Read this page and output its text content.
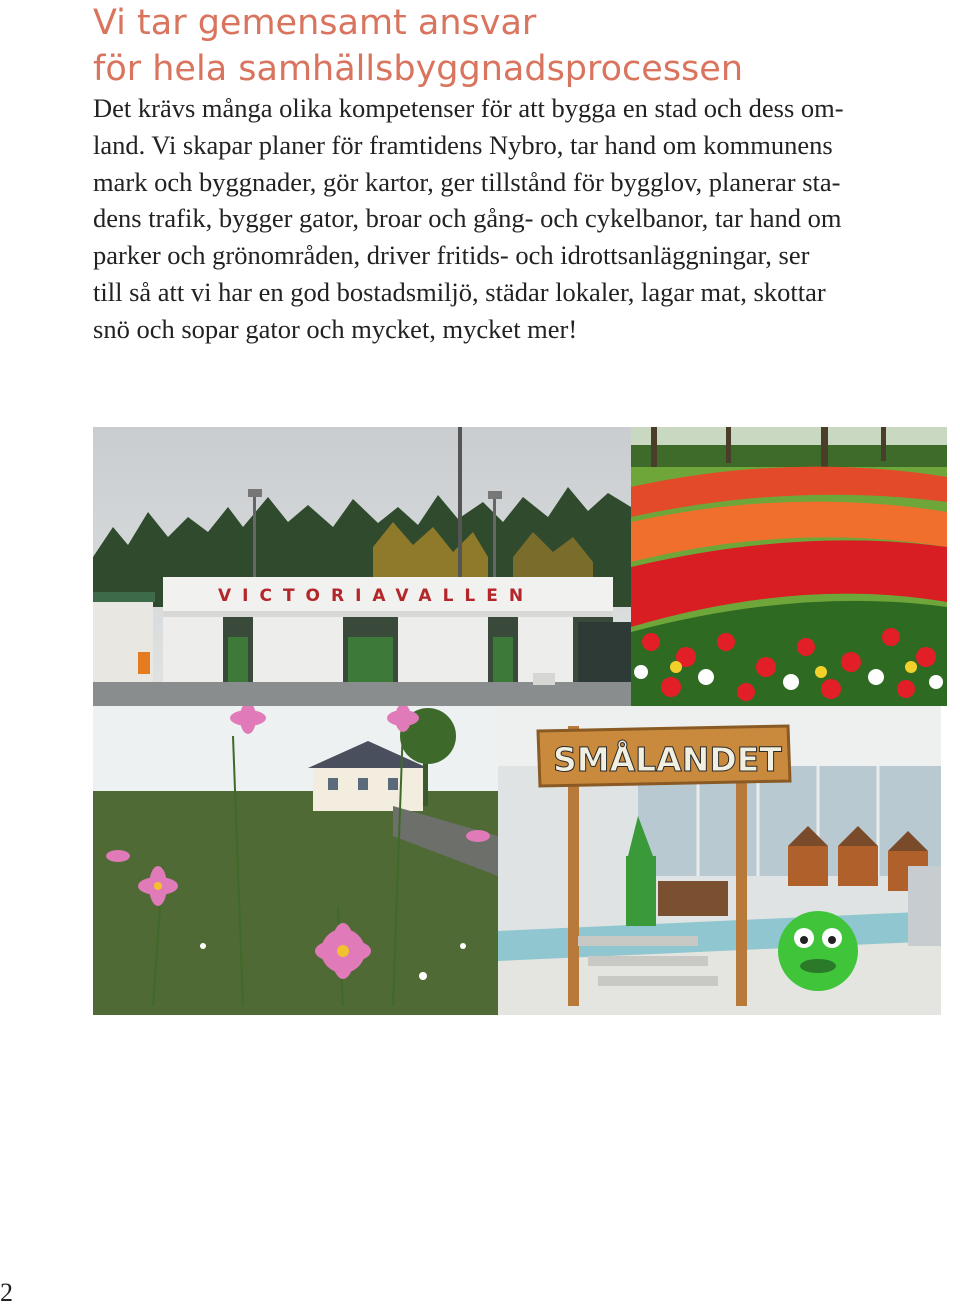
Vi tar gemensamt ansvar
för hela samhällsbyggnadsprocessen

Det krävs många olika kompetenser för att bygga en stad och dess om-
land. Vi skapar planer för framtidens Nybro, tar hand om kommunens
mark och byggnader, gör kartor, ger tillstånd för bygglov, planerar sta-
dens trafik, bygger gator, broar och gång- och cykelbanor, tar hand om
parker och grönområden, driver fritids- och idrottsanläggningar, ser
till så att vi har en god bostadsmiljö, städar lokaler, lagar mat, skottar
snö och sopar gator och mycket, mycket mer!

VICTORIAVALLEN
SMÅLANDET
2
